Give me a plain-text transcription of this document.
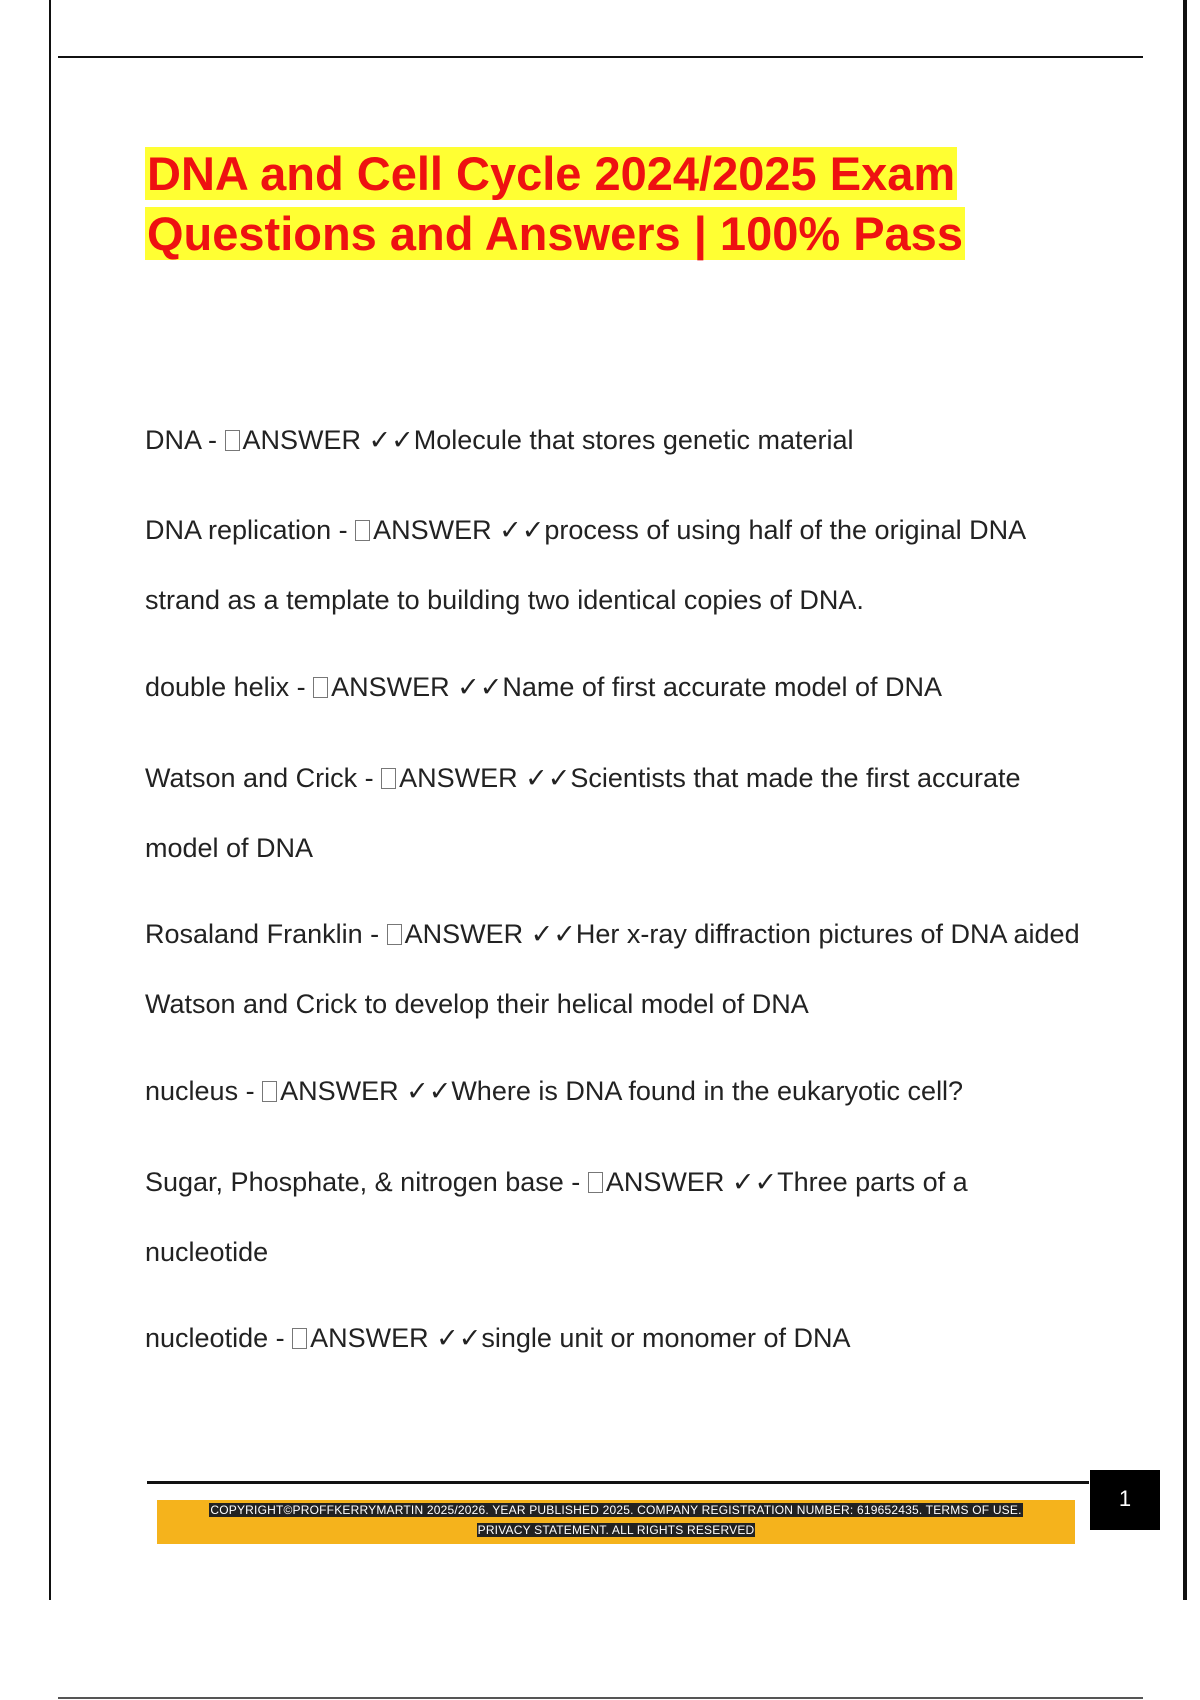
DNA and Cell Cycle 2024/2025 Exam
Questions and Answers | 100% Pass
DNA - ANSWER ✓✓Molecule that stores genetic material
DNA replication - ANSWER ✓✓process of using half of the original DNA strand as a template to building two identical copies of DNA.
double helix - ANSWER ✓✓Name of first accurate model of DNA
Watson and Crick - ANSWER ✓✓Scientists that made the first accurate model of DNA
Rosaland Franklin - ANSWER ✓✓Her x-ray diffraction pictures of DNA aided Watson and Crick to develop their helical model of DNA
nucleus - ANSWER ✓✓Where is DNA found in the eukaryotic cell?
Sugar, Phosphate, & nitrogen base - ANSWER ✓✓Three parts of a nucleotide
nucleotide - ANSWER ✓✓single unit or monomer of DNA
COPYRIGHT©PROFFKERRYMARTIN 2025/2026. YEAR PUBLISHED 2025. COMPANY REGISTRATION NUMBER: 619652435. TERMS OF USE.
PRIVACY STATEMENT. ALL RIGHTS RESERVED
1
